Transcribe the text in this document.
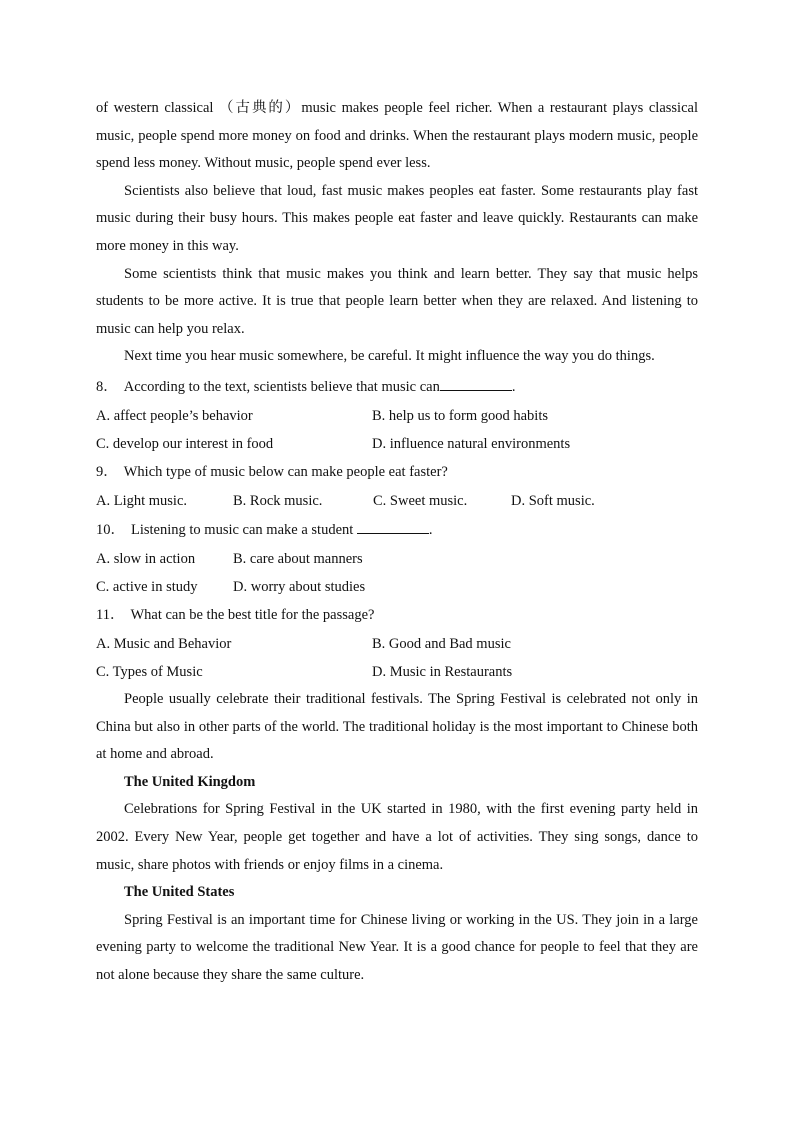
of western classical （古典的）music makes people feel richer. When a restaurant plays classical music, people spend more money on food and drinks. When the restaurant plays modern music, people spend less money. Without music, people spend ever less.

Scientists also believe that loud, fast music makes peoples eat faster. Some restaurants play fast music during their busy hours. This makes people eat faster and leave quickly. Restaurants can make more money in this way.

Some scientists think that music makes you think and learn better. They say that music helps students to be more active. It is true that people learn better when they are relaxed. And listening to music can help you relax.

Next time you hear music somewhere, be careful. It might influence the way you do things.

8． According to the text, scientists believe that music can	.

A. affect people’s behavior	B. help us to form good habits
C. develop our interest in food	D. influence natural environments

9． Which type of music below can make people eat faster?

A. Light music.	B. Rock music.	C. Sweet music.	D. Soft music.

10． Listening to music can make a student	.

A. slow in action	B. care about manners
C. active in study	D. worry about studies

11． What can be the best title for the passage?

A. Music and Behavior	B. Good and Bad music
C. Types of Music	D. Music in Restaurants

People usually celebrate their traditional festivals. The Spring Festival is celebrated not only in China but also in other parts of the world. The traditional holiday is the most important to Chinese both at home and abroad.

The United Kingdom

Celebrations for Spring Festival in the UK started in 1980, with the first evening party held in 2002. Every New Year, people get together and have a lot of activities. They sing songs, dance to music, share photos with friends or enjoy films in a cinema.

The United States

Spring Festival is an important time for Chinese living or working in the US. They join in a large evening party to welcome the traditional New Year. It is a good chance for people to feel that they are not alone because they share the same culture.
